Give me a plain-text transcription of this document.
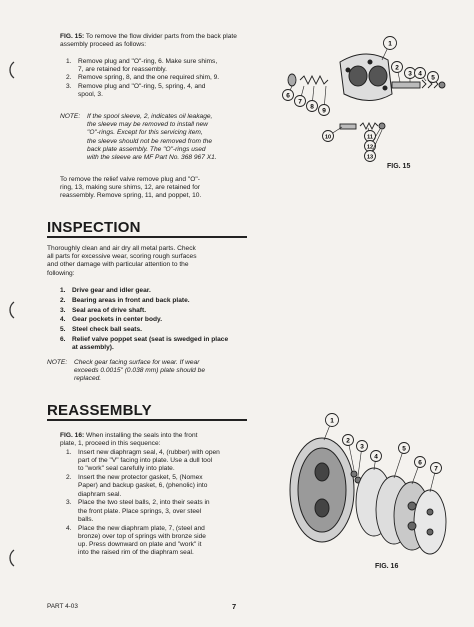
FIG. 15: To remove the flow divider parts from the back plate assembly proceed as follows:
1. Remove plug and "O"-ring, 6. Make sure shims,
7, are retained for reassembly.
2. Remove spring, 8, and the one required shim, 9.
3. Remove plug and "O"-ring, 5, spring, 4, and
spool, 3.
NOTE: If the spool sleeve, 2, indicates oil leakage,
the sleeve may be removed to install new
"O"-rings. Except for this servicing item,
the sleeve should not be removed from the
back plate assembly. The "O"-rings used
with the sleeve are MF Part No. 368 967 X1.
To remove the relief valve remove plug and "O"-
ring, 13, making sure shims, 12, are retained for
reassembly. Remove spring, 11, and poppet, 10.
1
2
3 4
5
6
7
8
9
10	11
12
13
FIG. 15
INSPECTION
Thoroughly clean and air dry all metal parts. Check
all parts for excessive wear, scoring rough surfaces
and other damage with particular attention to the
following:
1. Drive gear and idler gear.
2. Bearing areas in front and back plate.
3. Seal area of drive shaft.
4. Gear pockets in center body.
5. Steel check ball seats.
6. Relief valve poppet seat (seat is swedged in place
at assembly).
NOTE: Check gear facing surface for wear. If wear
exceeds 0.0015" (0.038 mm) plate should be
replaced.
REASSEMBLY
FIG. 16: When installing the seals into the front
plate, 1, proceed in this sequence:
1. Insert new diaphragm seal, 4, (rubber) with open
part of the "V" facing into plate. Use a dull tool
to "work" seal carefully into plate.
2. Insert the new protector gasket, 5, (Nomex
Paper) and backup gasket, 6, (phenolic) into
diaphram seal.
3. Place the two steel balls, 2, into their seats in
the front plate. Place springs, 3, over steel
balls.
4. Place the new diaphram plate, 7, (steel and
bronze) over top of springs with bronze side
up. Press downward on plate and "work" it
into the raised rim of the diaphram seal.
1
2
3
4
5
6
7
FIG. 16
PART 4-03	7
